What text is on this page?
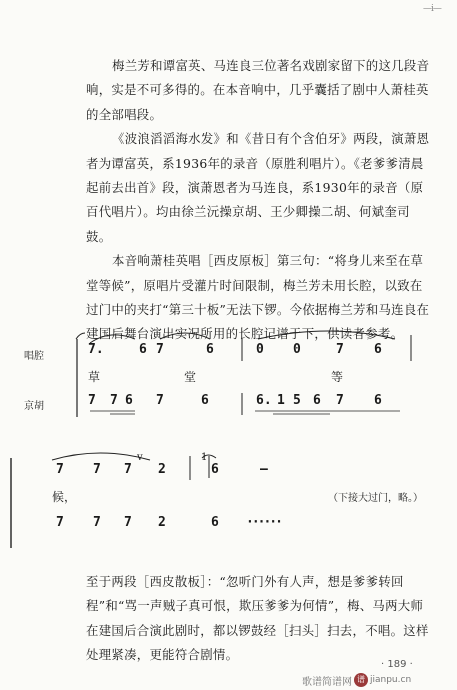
—ⅰ—

梅兰芳和谭富英、马连良三位著名戏剧家留下的这几段音响，实是不可多得的。在本音响中，几乎囊括了剧中人萧桂英的全部唱段。

《波浪滔滔海水发》和《昔日有个含伯牙》两段，演萧恩者为谭富英，系1936年的录音（原胜利唱片）。《老爹爹清晨起前去出首》段，演萧恩者为马连良，系1930年的录音（原百代唱片）。均由徐兰沅操京胡、王少卿操二胡、何斌奎司鼓。

本音响萧桂英唱［西皮原板］第三句：“将身儿来至在草堂等候”，原唱片受灌片时间限制，梅兰芳未用长腔，以致在过门中的夹打“第三十板”无法下锣。今依据梅兰芳和马连良在建国后舞台演出实况所用的长腔记谱于下，供读者参考。

唱腔
京胡
7.	6 7	6	0 0	7 6
草	堂	等
7 7 6 7	6	6. 1 5 6 7 6
7 7 7
v
2
1
6	–
候，	（下接大过门，略。）
7 7 7 2	6 ······

至于两段［西皮散板］：“忽听门外有人声，想是爹爹转回程”和“骂一声贼子真可恨，欺压爹爹为何情”，梅、马两大师在建国后合演此剧时，都以锣鼓经［扫头］扫去，不唱。这样处理紧凑，更能符合剧情。

· 189 ·
歌谱简谱网 谱 jianpu.cn
